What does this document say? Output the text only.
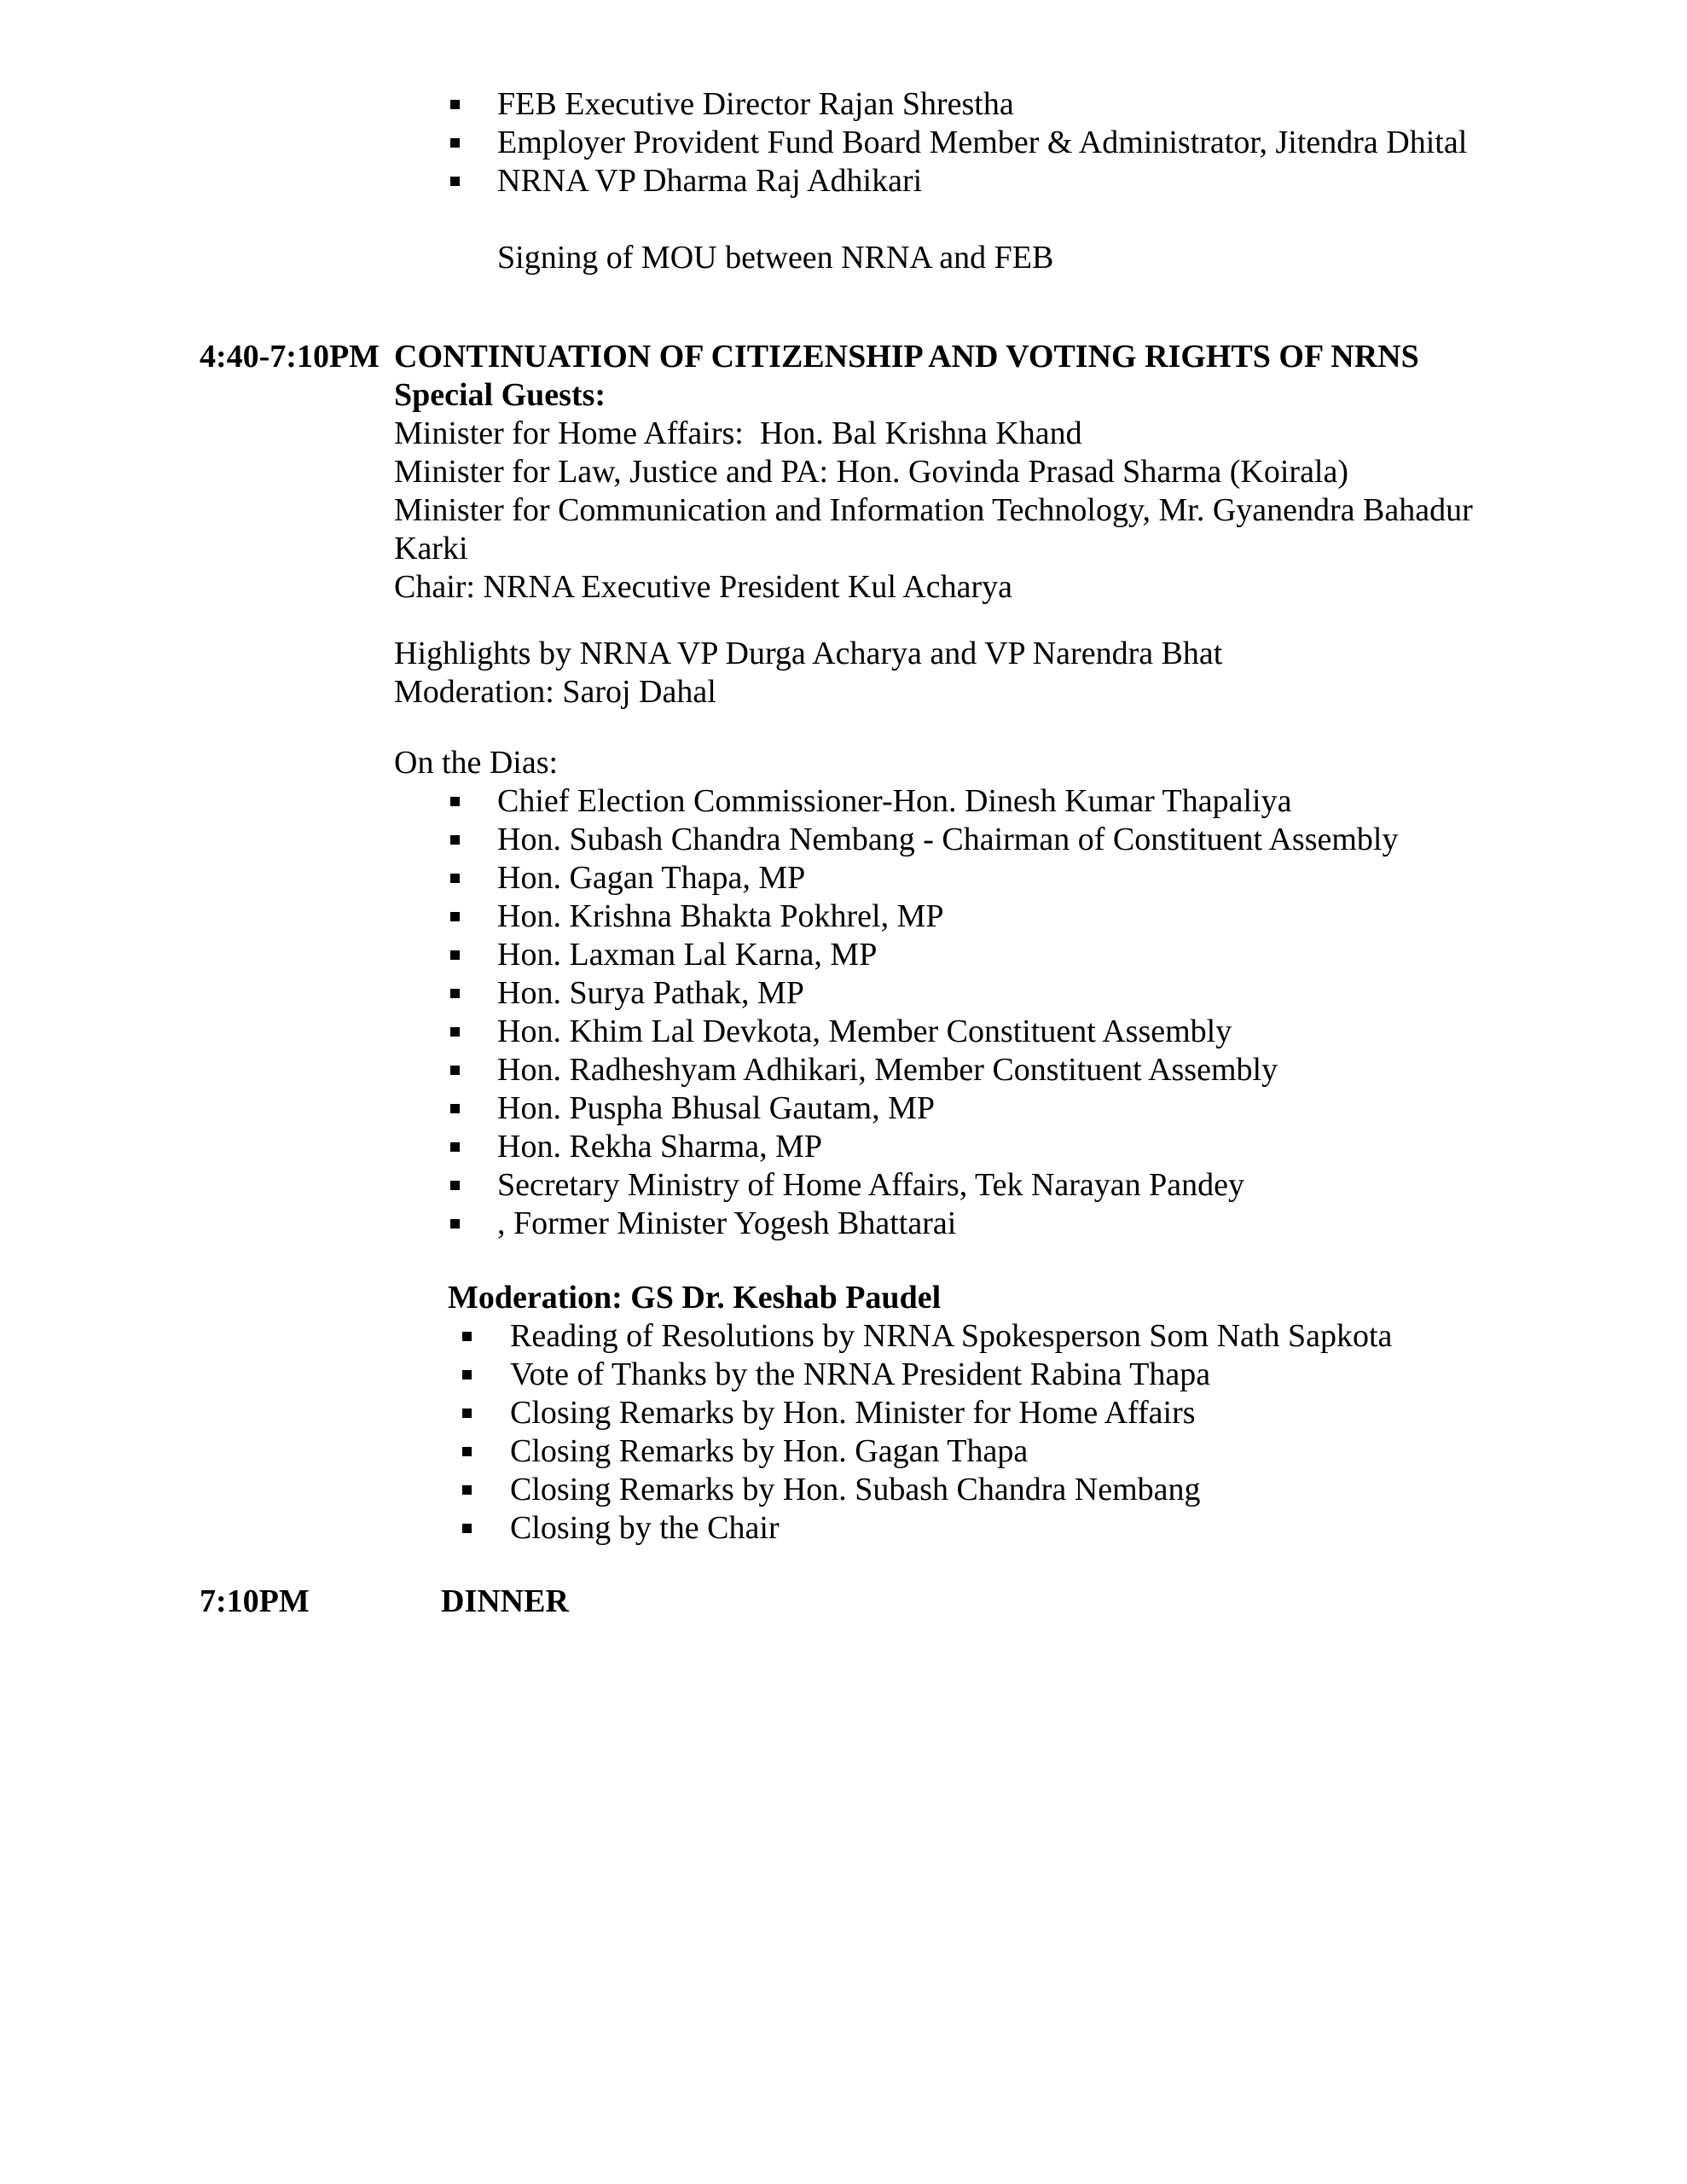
FEB Executive Director Rajan Shrestha
Employer Provident Fund Board Member & Administrator, Jitendra Dhital
NRNA VP Dharma Raj Adhikari

Signing of MOU between NRNA and FEB

4:40-7:10PM CONTINUATION OF CITIZENSHIP AND VOTING RIGHTS OF NRNS

Special Guests:

Minister for Home Affairs:  Hon. Bal Krishna Khand

Minister for Law, Justice and PA: Hon. Govinda Prasad Sharma (Koirala)

Minister for Communication and Information Technology, Mr. Gyanendra Bahadur Karki

Chair: NRNA Executive President Kul Acharya

Highlights by NRNA VP Durga Acharya and VP Narendra Bhat

Moderation: Saroj Dahal

On the Dias:

Chief Election Commissioner-Hon. Dinesh Kumar Thapaliya
Hon. Subash Chandra Nembang - Chairman of Constituent Assembly
Hon. Gagan Thapa, MP
Hon. Krishna Bhakta Pokhrel, MP
Hon. Laxman Lal Karna, MP
Hon. Surya Pathak, MP
Hon. Khim Lal Devkota, Member Constituent Assembly
Hon. Radheshyam Adhikari, Member Constituent Assembly
Hon. Puspha Bhusal Gautam, MP
Hon. Rekha Sharma, MP
Secretary Ministry of Home Affairs, Tek Narayan Pandey
, Former Minister Yogesh Bhattarai

Moderation: GS Dr. Keshab Paudel

Reading of Resolutions by NRNA Spokesperson Som Nath Sapkota
Vote of Thanks by the NRNA President Rabina Thapa
Closing Remarks by Hon. Minister for Home Affairs
Closing Remarks by Hon. Gagan Thapa
Closing Remarks by Hon. Subash Chandra Nembang
Closing by the Chair
7:10PM	DINNER
